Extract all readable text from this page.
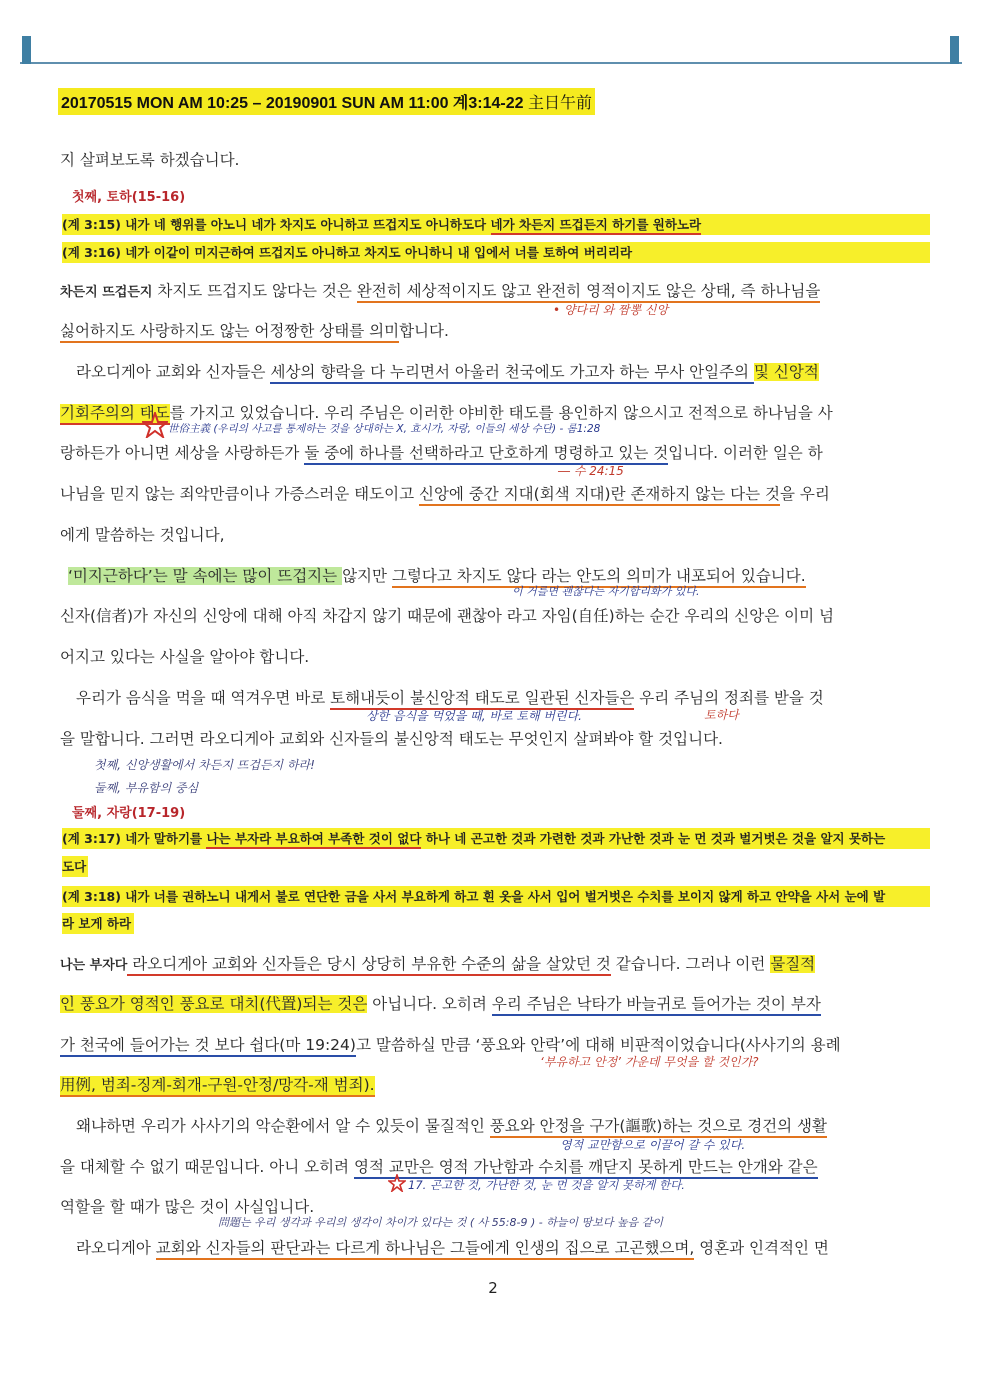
20170515 MON AM 10:25 – 20190901 SUN AM 11:00 계3:14-22 主日午前
지 살펴보도록 하겠습니다.
첫째, 토하(15-16)
(계 3:15) 내가 네 행위를 아노니 네가 차지도 아니하고 뜨겁지도 아니하도다 네가 차든지 뜨겁든지 하기를 원하노라
(계 3:16) 네가 이같이 미지근하여 뜨겁지도 아니하고 차지도 아니하니 내 입에서 너를 토하여 버리리라
차든지 뜨겁든지 차지도 뜨겁지도 않다는 것은 완전히 세상적이지도 않고 완전히 영적이지도 않은 상태, 즉 하나님을
• 양다리 와 짬뽕 신앙
싫어하지도 사랑하지도 않는 어정짱한 상태를 의미합니다.
라오디게아 교회와 신자들은 세상의 향락을 다 누리면서 아울러 천국에도 가고자 하는 무사 안일주의 및 신앙적
기회주의의 태도를 가지고 있었습니다. 우리 주님은 이러한 야비한 태도를 용인하지 않으시고 전적으로 하나님을 사
世俗主義 (우리의 사고를 통제하는 것을 상대하는 X, 효시가, 자랑, 이들의 세상 수단) - 롬1:28
랑하든가 아니면 세상을 사랑하든가 둘 중에 하나를 선택하라고 단호하게 명령하고 있는 것입니다. 이러한 일은 하
― 수 24:15
나님을 믿지 않는 죄악만큼이나 가증스러운 태도이고 신앙에 중간 지대(회색 지대)란 존재하지 않는 다는 것을 우리
에게 말씀하는 것입니다,
‘미지근하다’는 말 속에는 많이 뜨겁지는 않지만 그렇다고 차지도 않다 라는 안도의 의미가 내포되어 있습니다.
이 거를면 괜찮다는 자기합리화가 있다.
신자(信者)가 자신의 신앙에 대해 아직 차갑지 않기 때문에 괜찮아 라고 자임(自任)하는 순간 우리의 신앙은 이미 넘
어지고 있다는 사실을 알아야 합니다.
우리가 음식을 먹을 때 역겨우면 바로 토해내듯이 불신앙적 태도로 일관된 신자들은 우리 주님의 정죄를 받을 것
상한 음식을 먹었을 때, 바로 토해 버린다.	토하다
을 말합니다. 그러면 라오디게아 교회와 신자들의 불신앙적 태도는 무엇인지 살펴봐야 할 것입니다.
첫째, 신앙생활에서 차든지 뜨겁든지 하라!
둘째, 부유함의 중심
둘째, 자랑(17-19)
(계 3:17) 네가 말하기를 나는 부자라 부요하여 부족한 것이 없다 하나 네 곤고한 것과 가련한 것과 가난한 것과 눈 먼 것과 벌거벗은 것을 알지 못하는
도다
(계 3:18) 내가 너를 권하노니 내게서 불로 연단한 금을 사서 부요하게 하고 흰 옷을 사서 입어 벌거벗은 수치를 보이지 않게 하고 안약을 사서 눈에 발
라 보게 하라
나는 부자다 라오디게아 교회와 신자들은 당시 상당히 부유한 수준의 삶을 살았던 것 같습니다. 그러나 이런 물질적
인 풍요가 영적인 풍요로 대치(代置)되는 것은 아닙니다. 오히려 우리 주님은 낙타가 바늘귀로 들어가는 것이 부자
가 천국에 들어가는 것 보다 쉽다(마 19:24)고 말씀하실 만큼 ‘풍요와 안락’에 대해 비판적이었습니다(사사기의 용례
‘부유하고 안정’ 가운데 무엇을 할 것인가?
用例, 범죄-징계-회개-구원-안정/망각-재 범죄).
왜냐하면 우리가 사사기의 악순환에서 알 수 있듯이 물질적인 풍요와 안정을 구가(謳歌)하는 것으로 경건의 생활
영적 교만함으로 이끌어 갈 수 있다.
을 대체할 수 없기 때문입니다. 아니 오히려 영적 교만은 영적 가난함과 수치를 깨닫지 못하게 만드는 안개와 같은
17. 곤고한 것, 가난한 것, 눈 먼 것을 알지 못하게 한다.
역할을 할 때가 많은 것이 사실입니다.
問題는 우리 생각과 우리의 생각이 차이가 있다는 것 ( 사 55:8-9 ) - 하늘이 땅보다 높음 같이
라오디게아 교회와 신자들의 판단과는 다르게 하나님은 그들에게 인생의 집으로 고곤했으며, 영혼과 인격적인 면
2
